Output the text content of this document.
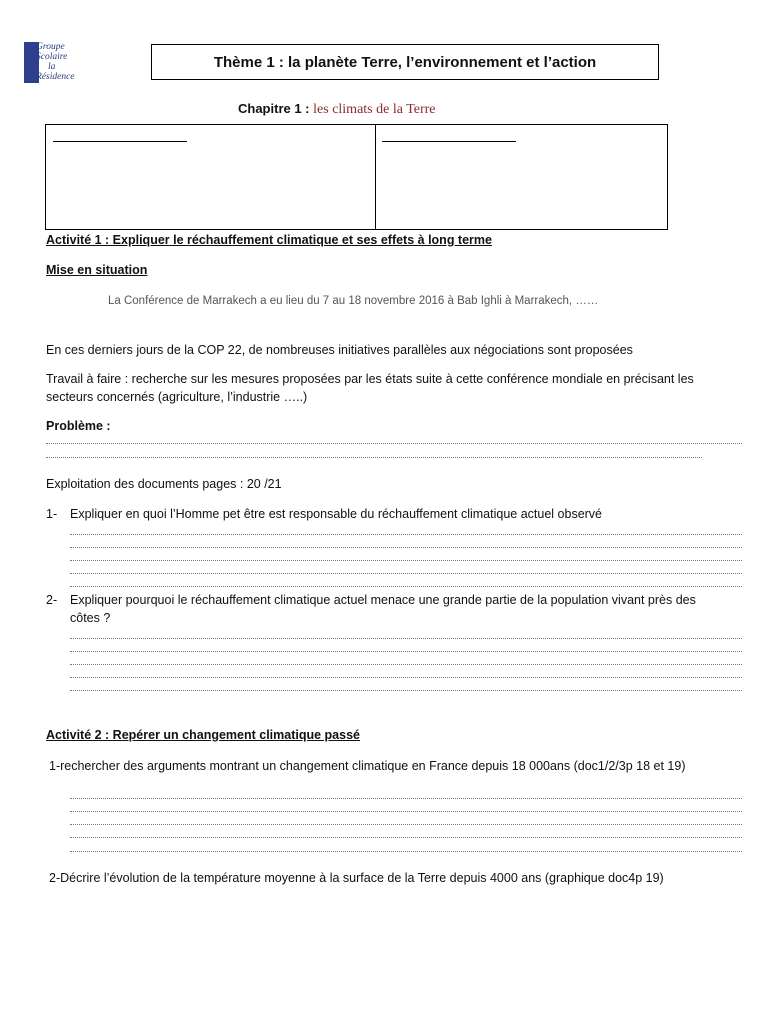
Groupe
Scolaire
la
Résidence
Thème 1 : la planète Terre, l’environnement et l’action
Chapitre 1 : les climats de la Terre
Activité 1 : Expliquer le réchauffement climatique et ses effets à long terme
Mise en situation
La Conférence de Marrakech a eu lieu du 7 au 18 novembre 2016 à Bab Ighli à Marrakech, ……
En ces derniers jours de la COP 22, de nombreuses initiatives parallèles aux négociations sont proposées
Travail à faire : recherche sur les mesures proposées par les états suite à cette conférence mondiale en précisant les
secteurs concernés (agriculture, l’industrie …..)
Problème :
Exploitation des documents pages : 20 /21
1- Expliquer en quoi l’Homme pet être est responsable du réchauffement climatique actuel observé
2- Expliquer pourquoi le réchauffement climatique actuel menace une grande partie de la population vivant près des
côtes ?
Activité 2 : Repérer un changement climatique passé
1-rechercher des arguments montrant un changement climatique en France depuis 18 000ans (doc1/2/3p 18 et 19)
2-Décrire l’évolution de la température moyenne à la surface de la Terre depuis 4000 ans (graphique doc4p 19)
